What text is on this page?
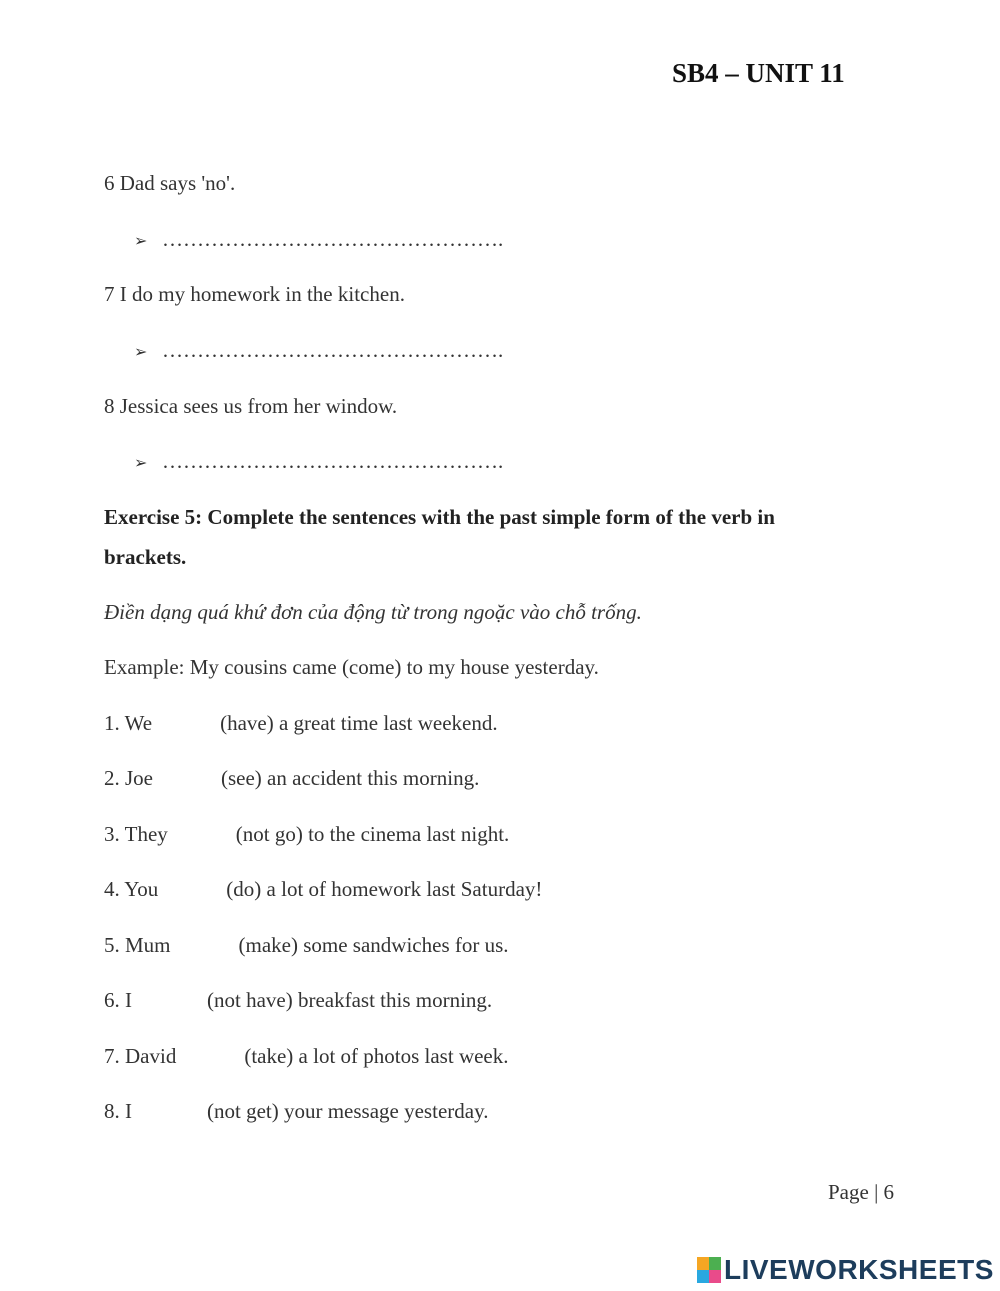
SB4 – UNIT 11
6 Dad says 'no'.
➢ ………………………………………….
7 I do my homework in the kitchen.
➢ ………………………………………….
8 Jessica sees us from her window.
➢ ………………………………………….
Exercise 5: Complete the sentences with the past simple form of the verb in
brackets.
Điền dạng quá khứ đơn của động từ trong ngoặc vào chỗ trống.
Example: My cousins came (come) to my house yesterday.
1. We	(have) a great time last weekend.
2. Joe	(see) an accident this morning.
3. They	(not go) to the cinema last night.
4. You	(do) a lot of homework last Saturday!
5. Mum	(make) some sandwiches for us.
6. I	(not have) breakfast this morning.
7. David	(take) a lot of photos last week.
8. I	(not get) your message yesterday.
Page | 6
LIVEWORKSHEETS
